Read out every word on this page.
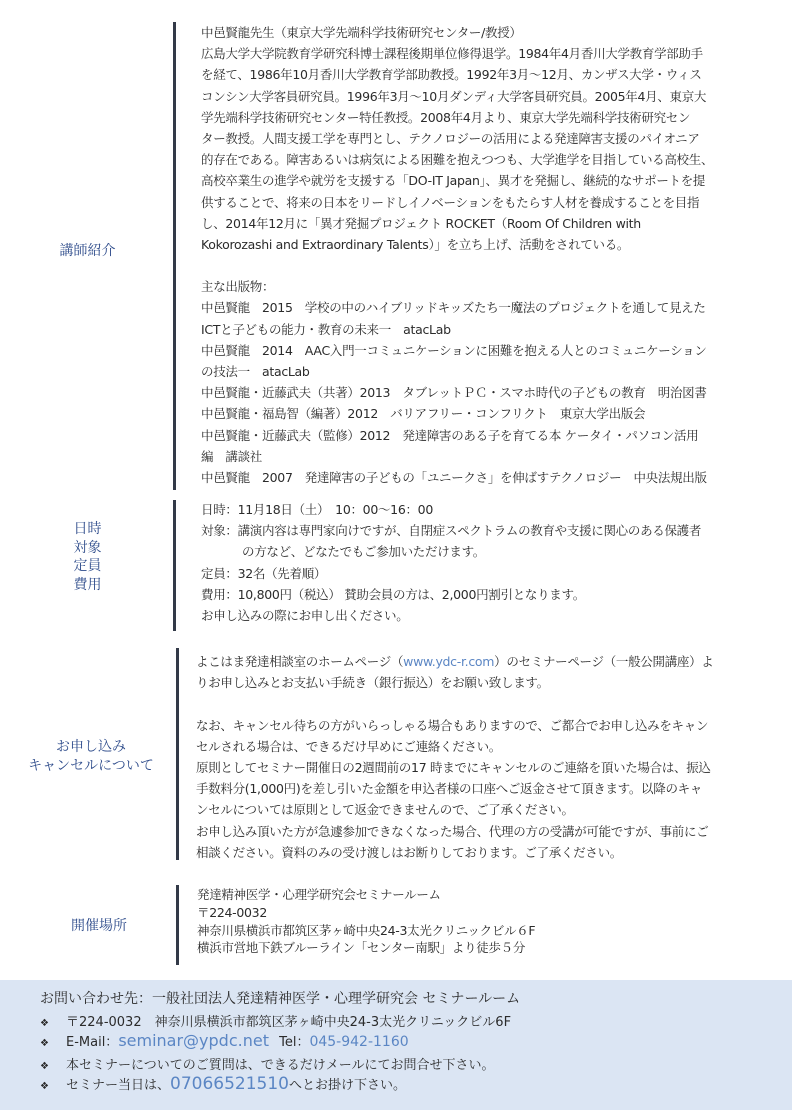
講師紹介
中邑賢龍先生（東京大学先端科学技術研究センター/教授）
広島大学大学院教育学研究科博士課程後期単位修得退学。1984年4月香川大学教育学部助手
を経て、1986年10月香川大学教育学部助教授。1992年3月～12月、カンザス大学・ウィス
コンシン大学客員研究員。1996年3月～10月ダンディ大学客員研究員。2005年4月、東京大
学先端科学技術研究センター特任教授。2008年4月より、東京大学先端科学技術研究セン
ター教授。人間支援工学を専門とし、テクノロジーの活用による発達障害支援のパイオニア
的存在である。障害あるいは病気による困難を抱えつつも、大学進学を目指している高校生、
高校卒業生の進学や就労を支援する「DO-IT Japan」、異才を発掘し、継続的なサポートを提
供することで、将来の日本をリードしイノベーションをもたらす人材を養成することを目指
し、2014年12月に「異才発掘プロジェクト ROCKET（Room Of Children with
Kokorozashi and Extraordinary Talents）」を立ち上げ、活動をされている。
主な出版物：
中邑賢龍　2015　学校の中のハイブリッドキッズたち一魔法のプロジェクトを通して見えた
ICTと子どもの能力・教育の未来一　atacLab
中邑賢龍　2014　AAC入門一コミュニケーションに困難を抱える人とのコミュニケーション
の技法一　atacLab
中邑賢龍・近藤武夫（共著）2013　タブレットＰＣ・スマホ時代の子どもの教育　明治図書
中邑賢龍・福島智（編著）2012　バリアフリー・コンフリクト　東京大学出版会
中邑賢龍・近藤武夫（監修）2012　発達障害のある子を育てる本 ケータイ・パソコン活用
編　講談社
中邑賢龍　2007　発達障害の子どもの「ユニークさ」を伸ばすテクノロジー　中央法規出版
日時
対象
定員
費用
日時：11月18日（土）　10：00～16：00
対象：講演内容は専門家向けですが、自閉症スペクトラムの教育や支援に関心のある保護者
の方など、どなたでもご参加いただけます。
定員：32名（先着順）
費用：10,800円（税込） 賛助会員の方は、2,000円割引となります。
お申し込みの際にお申し出ください。
お申し込み
キャンセルについて
よこはま発達相談室のホームページ（www.ydc-r.com）のセミナーページ（一般公開講座）よ
りお申し込みとお支払い手続き（銀行振込）をお願い致します。
なお、キャンセル待ちの方がいらっしゃる場合もありますので、ご都合でお申し込みをキャン
セルされる場合は、できるだけ早めにご連絡ください。
原則としてセミナー開催日の2週間前の17 時までにキャンセルのご連絡を頂いた場合は、振込
手数料分(1,000円)を差し引いた金額を申込者様の口座へご返金させて頂きます。以降のキャ
ンセルについては原則として返金できませんので、ご了承ください。
お申し込み頂いた方が急遽参加できなくなった場合、代理の方の受講が可能ですが、事前にご
相談ください。資料のみの受け渡しはお断りしております。ご了承ください。
開催場所
発達精神医学・心理学研究会セミナールーム
〒224-0032
神奈川県横浜市都筑区茅ヶ崎中央24-3太光クリニックビル６F
横浜市営地下鉄ブルーライン「センター南駅」より徒歩５分
お問い合わせ先：一般社団法人発達精神医学・心理学研究会 セミナールーム
❖ 〒224-0032　神奈川県横浜市都筑区茅ヶ崎中央24-3太光クリニックビル6F
❖ E-Mail：seminar@ypdc.net Tel：045-942-1160
❖ 本セミナーについてのご質問は、できるだけメールにてお問合せ下さい。
❖ セミナー当日は、07066521510へとお掛け下さい。
